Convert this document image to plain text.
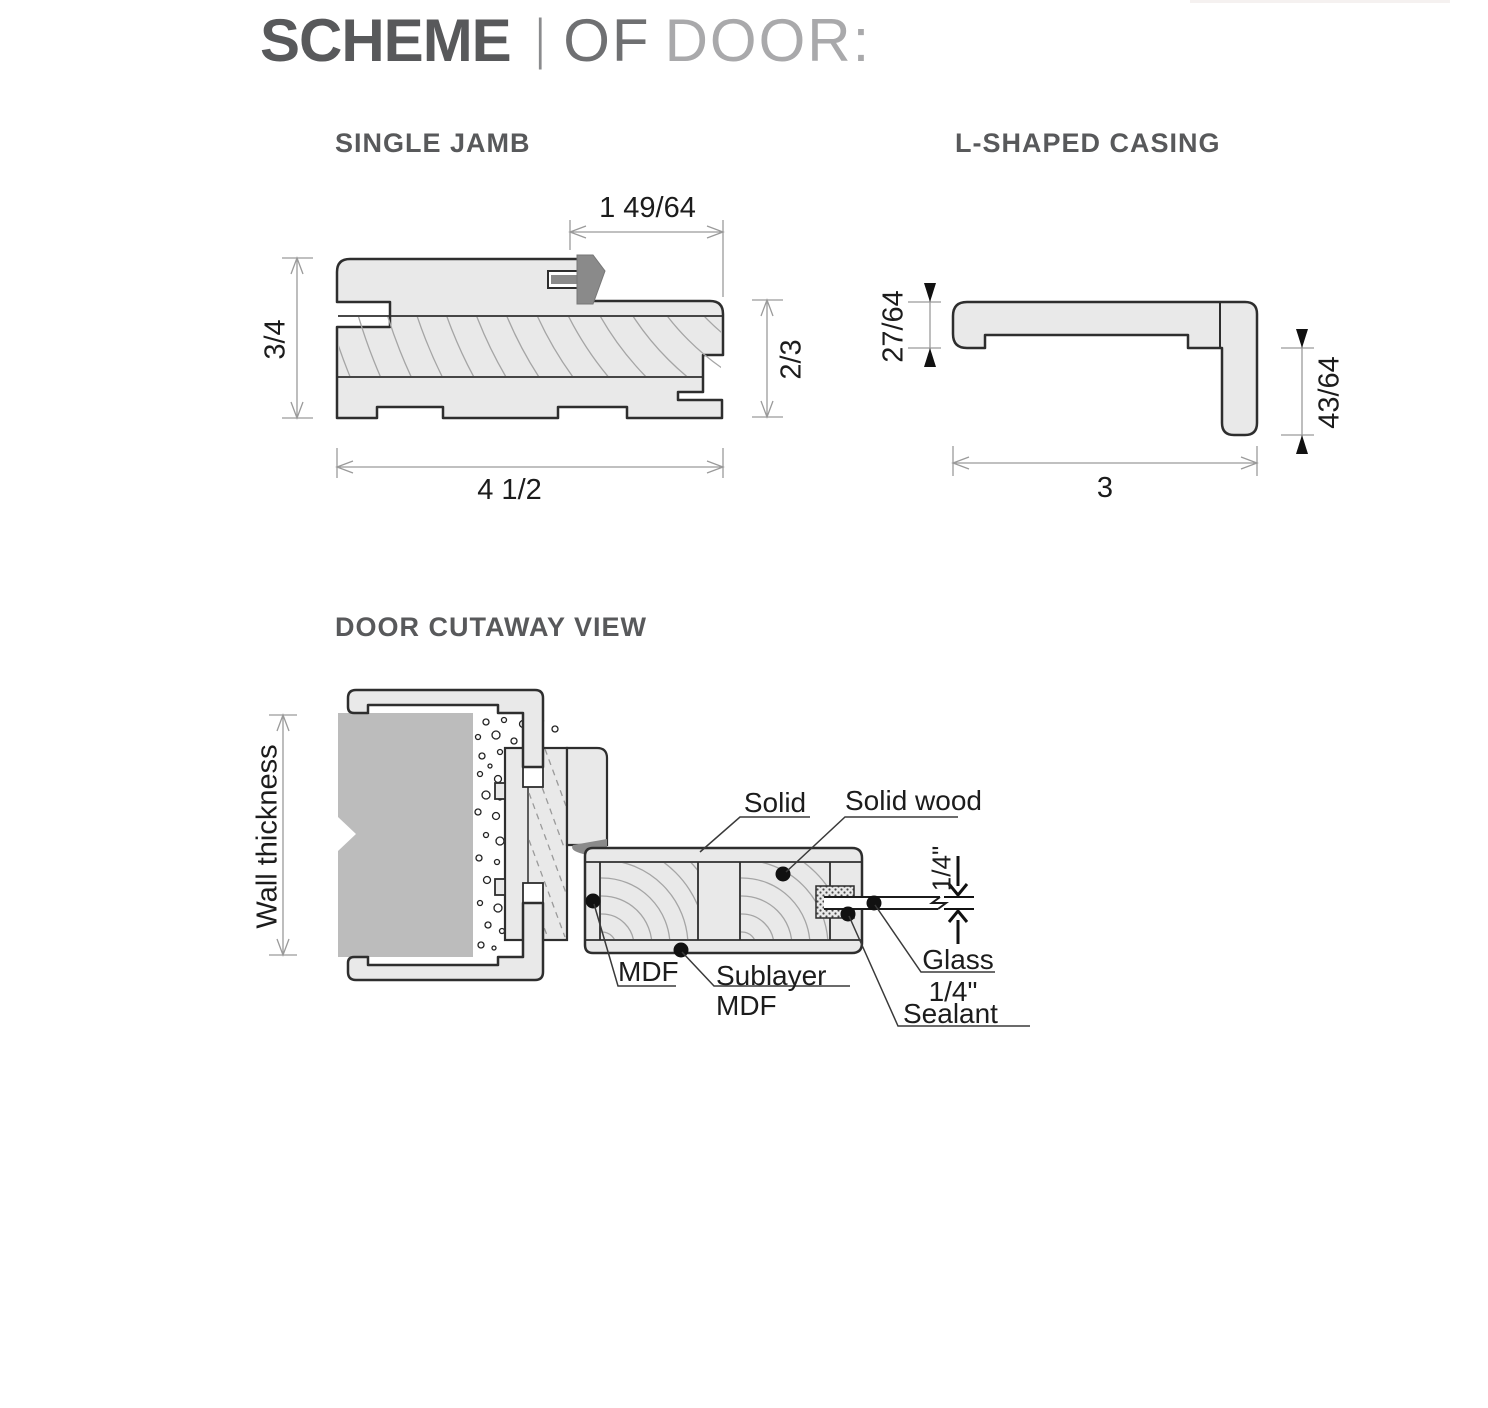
SCHEME | OF DOOR:
SINGLE JAMB	L-SHAPED CASING
DOOR CUTAWAY VIEW
1 49/64
3/4	2/3
4 1/2
27/64
43/64
3
Wall thickness	1/4"
Solid Solid wood
MDF Sublayer
MDF
Glass
1/4"
Sealant
